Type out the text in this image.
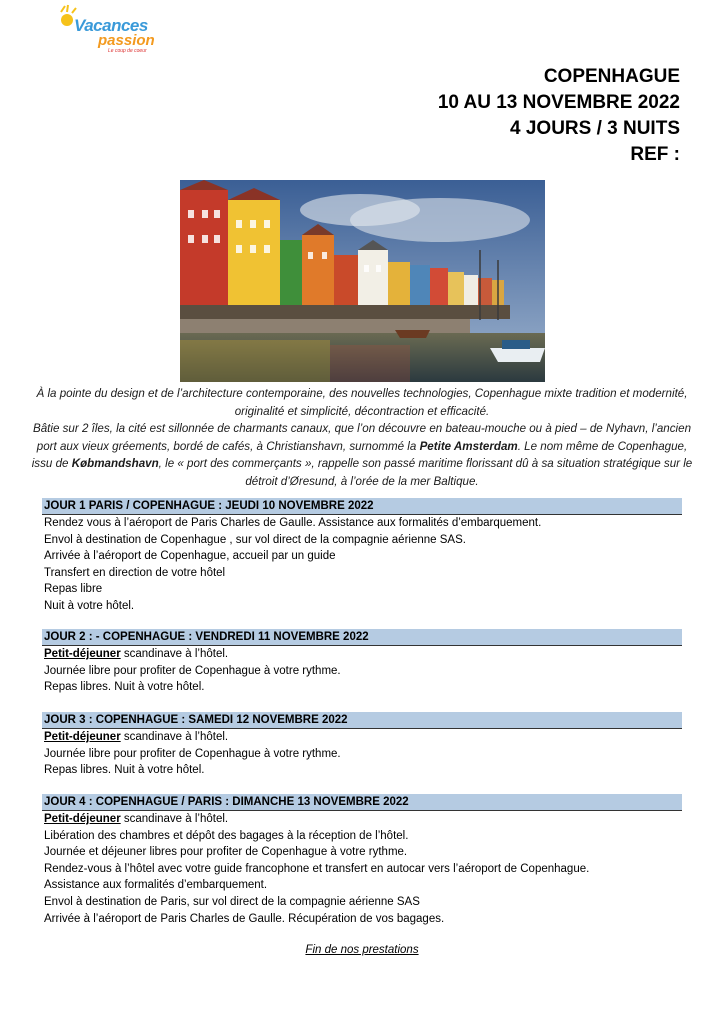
Vacances
passion
Le coup de coeur
COPENHAGUE
10 AU 13 NOVEMBRE 2022
4 JOURS / 3 NUITS
REF :

À la pointe du design et de l’architecture contemporaine, des nouvelles technologies, Copenhague mixte tradition et modernité, originalité et simplicité, décontraction et efficacité.

Bâtie sur 2 îles, la cité est sillonnée de charmants canaux, que l’on découvre en bateau-mouche ou à pied – de Nyhavn, l’ancien port aux vieux gréements, bordé de cafés, à Christianshavn, surnommé la Petite Amsterdam. Le nom même de Copenhague, issu de Købmandshavn, le « port des commerçants », rappelle son passé maritime florissant dû à sa situation stratégique sur le détroit d’Øresund, à l’orée de la mer Baltique.

JOUR 1 PARIS / COPENHAGUE : JEUDI 10 NOVEMBRE 2022
Rendez vous à l’aéroport de Paris Charles de Gaulle. Assistance aux formalités d’embarquement.
Envol à destination de Copenhague , sur vol direct de la compagnie aérienne SAS.
Arrivée à l’aéroport de Copenhague, accueil par un guide
Transfert en direction de votre hôtel
Repas libre
Nuit à votre hôtel.
JOUR 2 : - COPENHAGUE : VENDREDI 11 NOVEMBRE 2022
Petit-déjeuner scandinave à l’hôtel.
Journée libre pour profiter de Copenhague à votre rythme.
Repas libres. Nuit à votre hôtel.
JOUR 3 : COPENHAGUE : SAMEDI 12 NOVEMBRE 2022
Petit-déjeuner scandinave à l’hôtel.
Journée libre pour profiter de Copenhague à votre rythme.
Repas libres. Nuit à votre hôtel.
JOUR 4 : COPENHAGUE / PARIS : DIMANCHE 13 NOVEMBRE 2022
Petit-déjeuner scandinave à l’hôtel.
Libération des chambres et dépôt des bagages à la réception de l’hôtel.
Journée et déjeuner libres pour profiter de Copenhague à votre rythme.
Rendez-vous à l’hôtel avec votre guide francophone et transfert en autocar vers l’aéroport de Copenhague.
Assistance aux formalités d’embarquement.
Envol à destination de Paris, sur vol direct de la compagnie aérienne SAS
Arrivée à l’aéroport de Paris Charles de Gaulle. Récupération de vos bagages.
Fin de nos prestations
